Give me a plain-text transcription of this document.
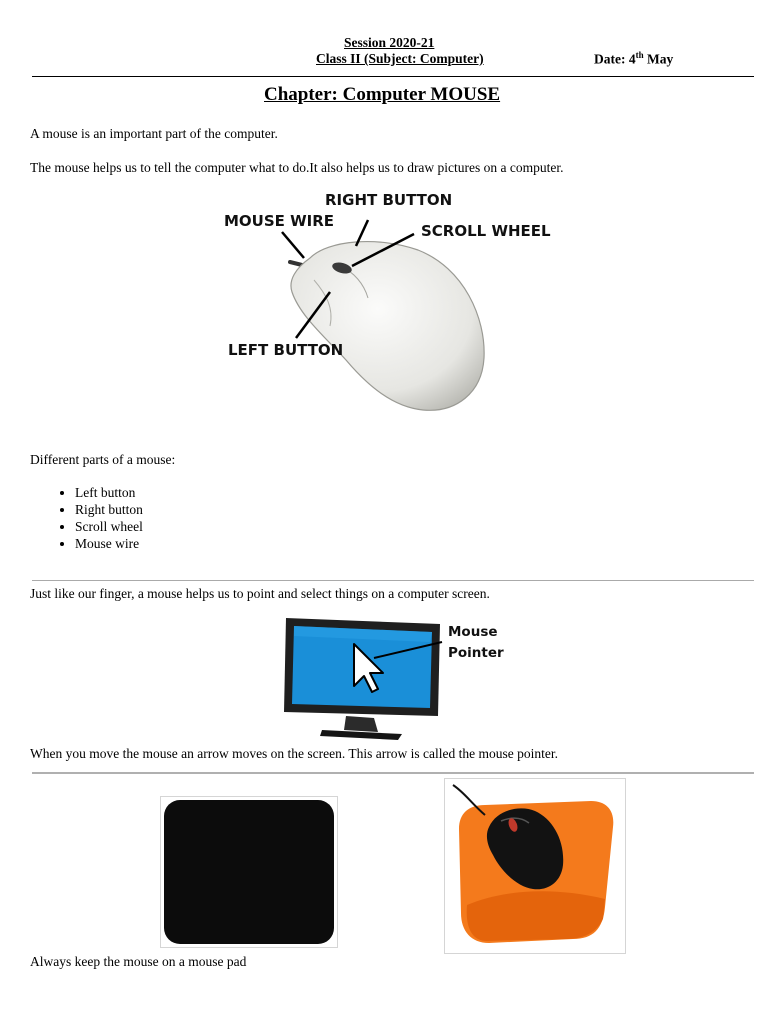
Session 2020-21
Class II (Subject: Computer)	Date: 4th May
Chapter: Computer MOUSE
A mouse is an important part of the computer.
The mouse helps us to tell the computer what to do.It also helps us to draw pictures on a computer.
RIGHT BUTTON
MOUSE WIRE
SCROLL WHEEL
LEFT BUTTON
Different parts of a mouse:
• Left button
• Right button
• Scroll wheel
• Mouse wire
Just like our finger, a mouse helps us to point and select things on a computer screen.
Mouse
Pointer
When you move the mouse an arrow moves on the screen. This arrow is called the mouse pointer.
Always keep the mouse on a mouse pad
